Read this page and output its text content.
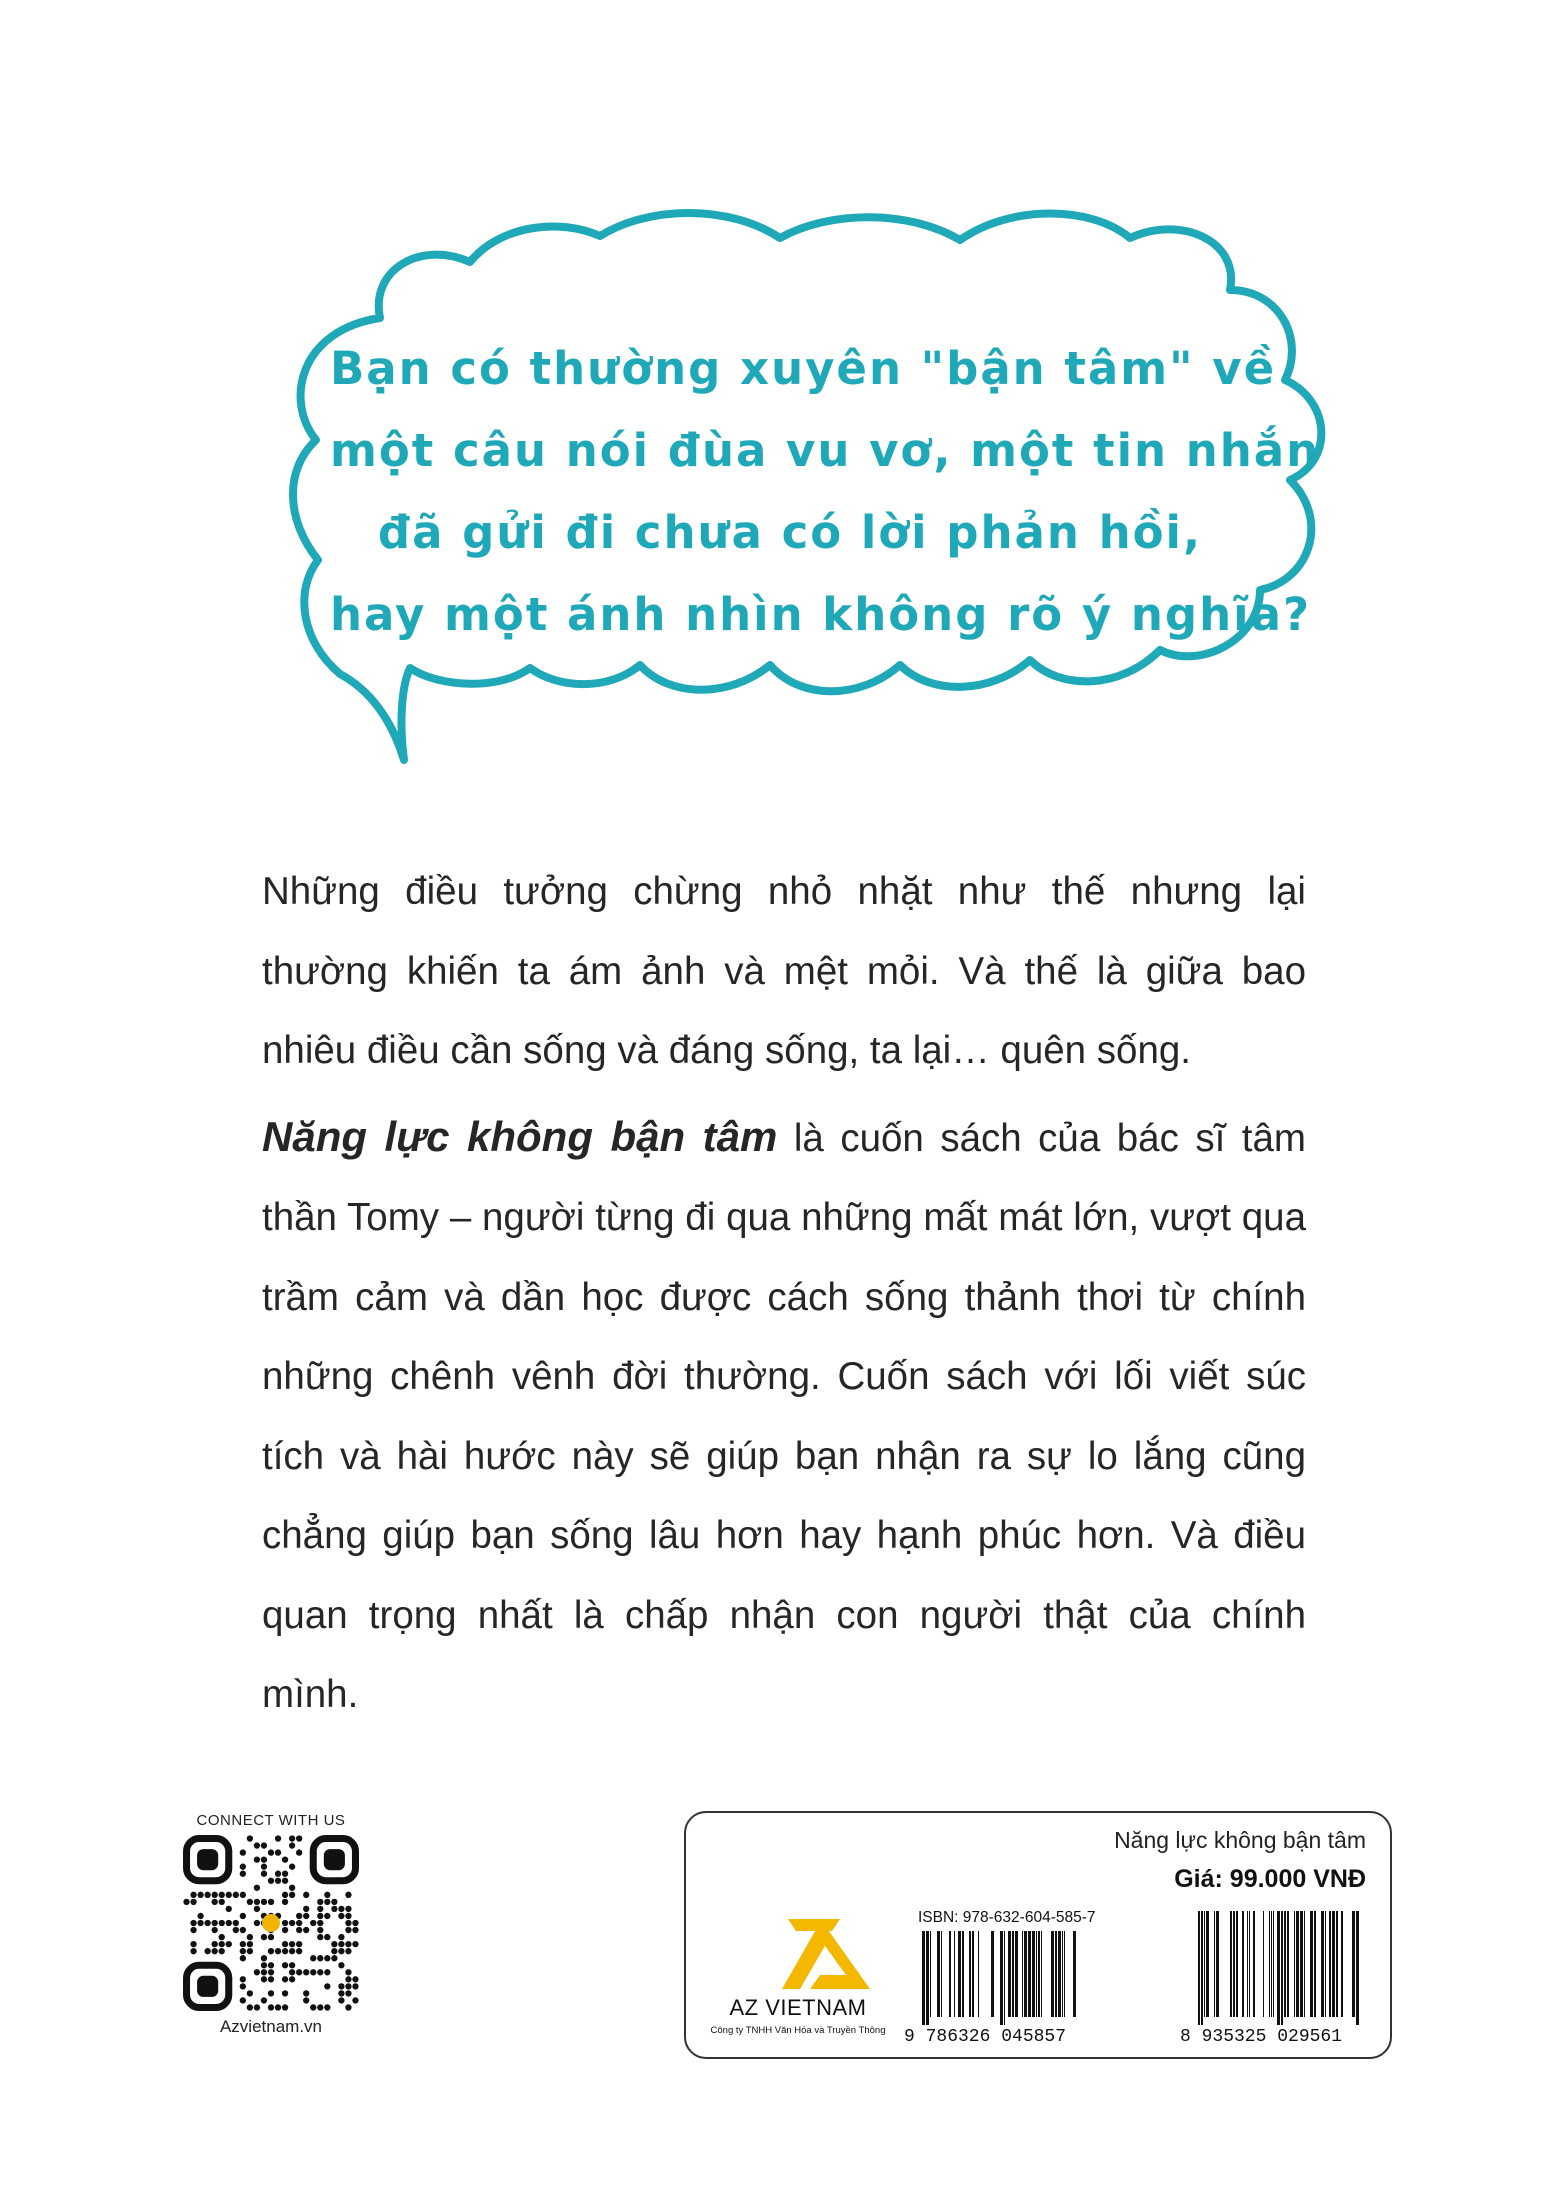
Bạn có thường xuyên "bận tâm" về
một câu nói đùa vu vơ, một tin nhắn
đã gửi đi chưa có lời phản hồi,
hay một ánh nhìn không rõ ý nghĩa?

Những điều tưởng chừng nhỏ nhặt như thế nhưng lại thường khiến ta ám ảnh và mệt mỏi. Và thế là giữa bao nhiêu điều cần sống và đáng sống, ta lại… quên sống.

Năng lực không bận tâm là cuốn sách của bác sĩ tâm thần Tomy – người từng đi qua những mất mát lớn, vượt qua trầm cảm và dần học được cách sống thảnh thơi từ chính những chênh vênh đời thường. Cuốn sách với lối viết súc tích và hài hước này sẽ giúp bạn nhận ra sự lo lắng cũng chẳng giúp bạn sống lâu hơn hay hạnh phúc hơn. Và điều quan trọng nhất là chấp nhận con người thật của chính mình.

CONNECT WITH US
Azvietnam.vn
Năng lực không bận tâm
Giá: 99.000 VNĐ
AZ VIETNAM
Công ty TNHH Văn Hóa và Truyền Thông
ISBN: 978-632-604-585-7
9 786326 045857	8 935325 029561
